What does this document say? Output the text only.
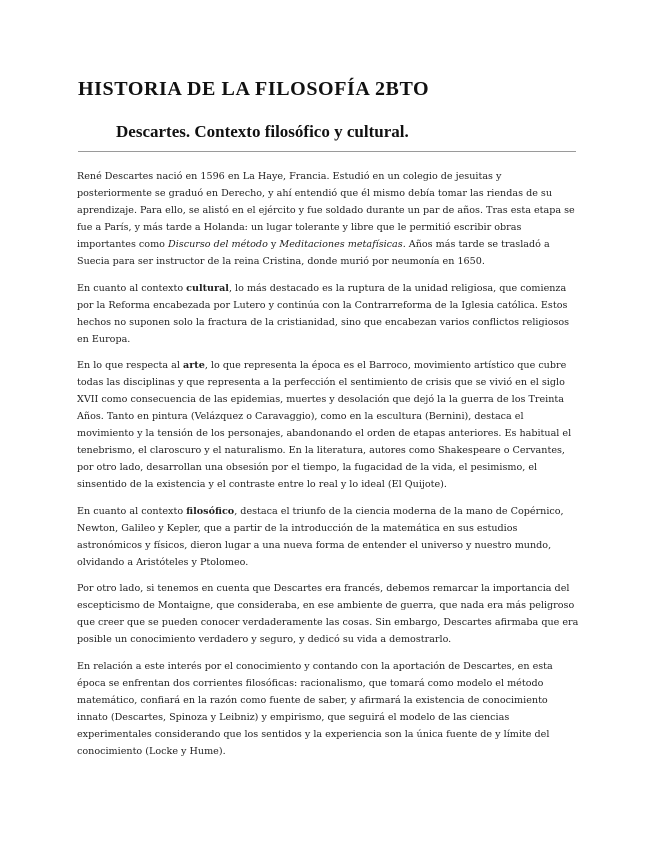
HISTORIA DE LA FILOSOFÍA 2BTO
Descartes. Contexto filosófico y cultural.

René Descartes nació en 1596 en La Haye, Francia. Estudió en un colegio de jesuitas y posteriormente se graduó en Derecho, y ahí entendió que él mismo debía tomar las riendas de su aprendizaje. Para ello, se alistó en el ejército y fue soldado durante un par de años. Tras esta etapa se fue a París, y más tarde a Holanda: un lugar tolerante y libre que le permitió escribir obras importantes como Discurso del método y Meditaciones metafísicas. Años más tarde se trasladó a Suecia para ser instructor de la reina Cristina, donde murió por neumonía en 1650.

En cuanto al contexto cultural, lo más destacado es la ruptura de la unidad religiosa, que comienza por la Reforma encabezada por Lutero y continúa con la Contrarreforma de la Iglesia católica. Estos hechos no suponen solo la fractura de la cristianidad, sino que encabezan varios conflictos religiosos en Europa.

En lo que respecta al arte, lo que representa la época es el Barroco, movimiento artístico que cubre todas las disciplinas y que representa a la perfección el sentimiento de crisis que se vivió en el siglo XVII como consecuencia de las epidemias, muertes y desolación que dejó la la guerra de los Treinta Años. Tanto en pintura (Velázquez o Caravaggio), como en la escultura (Bernini), destaca el movimiento y la tensión de los personajes, abandonando el orden de etapas anteriores. Es habitual el tenebrismo, el claroscuro y el naturalismo. En la literatura, autores como Shakespeare o Cervantes, por otro lado, desarrollan una obsesión por el tiempo, la fugacidad de la vida, el pesimismo, el sinsentido de la existencia y el contraste entre lo real y lo ideal (El Quijote).

En cuanto al contexto filosófico, destaca el triunfo de la ciencia moderna de la mano de Copérnico, Newton, Galileo y Kepler, que a partir de la introducción de la matemática en sus estudios astronómicos y físicos, dieron lugar a una nueva forma de entender el universo y nuestro mundo, olvidando a Aristóteles y Ptolomeo.

Por otro lado, si tenemos en cuenta que Descartes era francés, debemos remarcar la importancia del escepticismo de Montaigne, que consideraba, en ese ambiente de guerra, que nada era más peligroso que creer que se pueden conocer verdaderamente las cosas. Sin embargo, Descartes afirmaba que era posible un conocimiento verdadero y seguro, y dedicó su vida a demostrarlo.

En relación a este interés por el conocimiento y contando con la aportación de Descartes, en esta época se enfrentan dos corrientes filosóficas: racionalismo, que tomará como modelo el método matemático, confiará en la razón como fuente de saber, y afirmará la existencia de conocimiento innato (Descartes, Spinoza y Leibniz) y empirismo, que seguirá el modelo de las ciencias experimentales considerando que los sentidos y la experiencia son la única fuente de y límite del conocimiento (Locke y Hume).
